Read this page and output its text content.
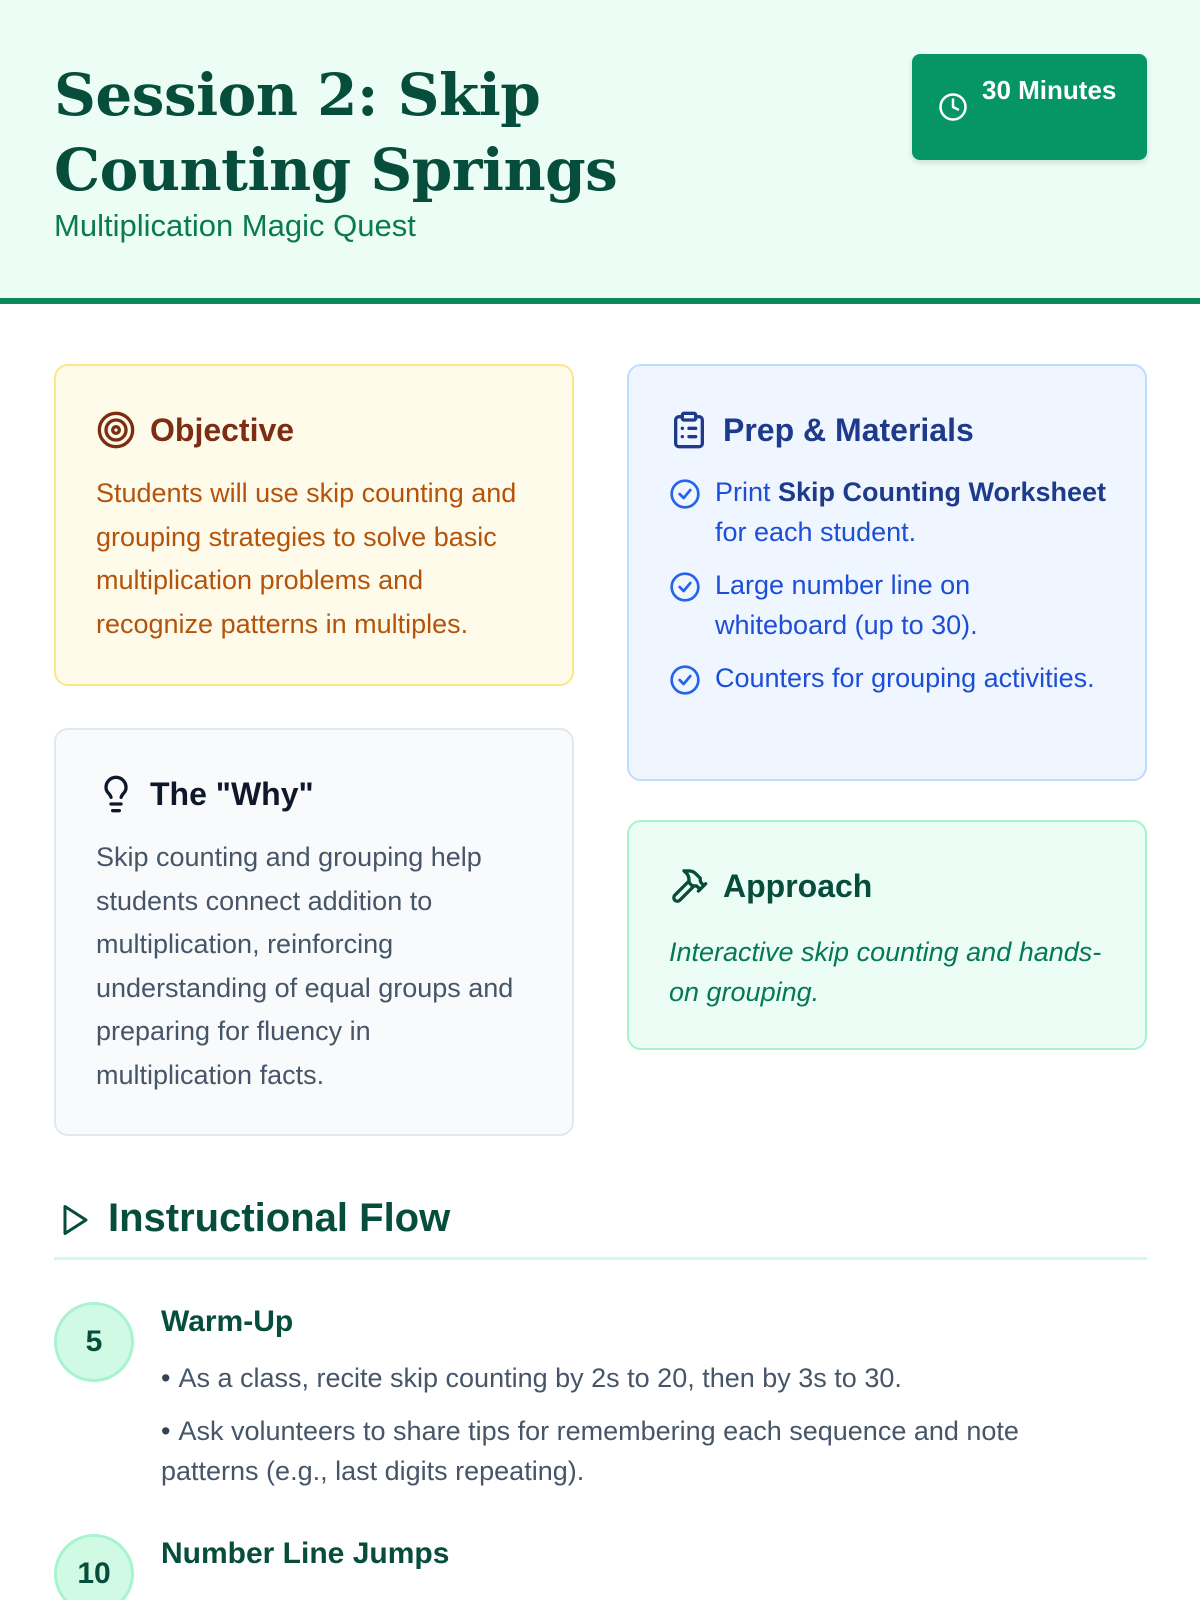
Session 2: Skip Counting Springs
Multiplication Magic Quest
30 Minutes
Objective

Students will use skip counting and grouping strategies to solve basic multiplication problems and recognize patterns in multiples.

The "Why"

Skip counting and grouping help students connect addition to multiplication, reinforcing understanding of equal groups and preparing for fluency in multiplication facts.

Prep & Materials
Print Skip Counting Worksheet for each student.
Large number line on whiteboard (up to 30).
Counters for grouping activities.
Approach

Interactive skip counting and hands-on grouping.

Instructional Flow
5
Warm-Up
• As a class, recite skip counting by 2s to 20, then by 3s to 30.
• Ask volunteers to share tips for remembering each sequence and note patterns (e.g., last digits repeating).
10
Number Line Jumps
